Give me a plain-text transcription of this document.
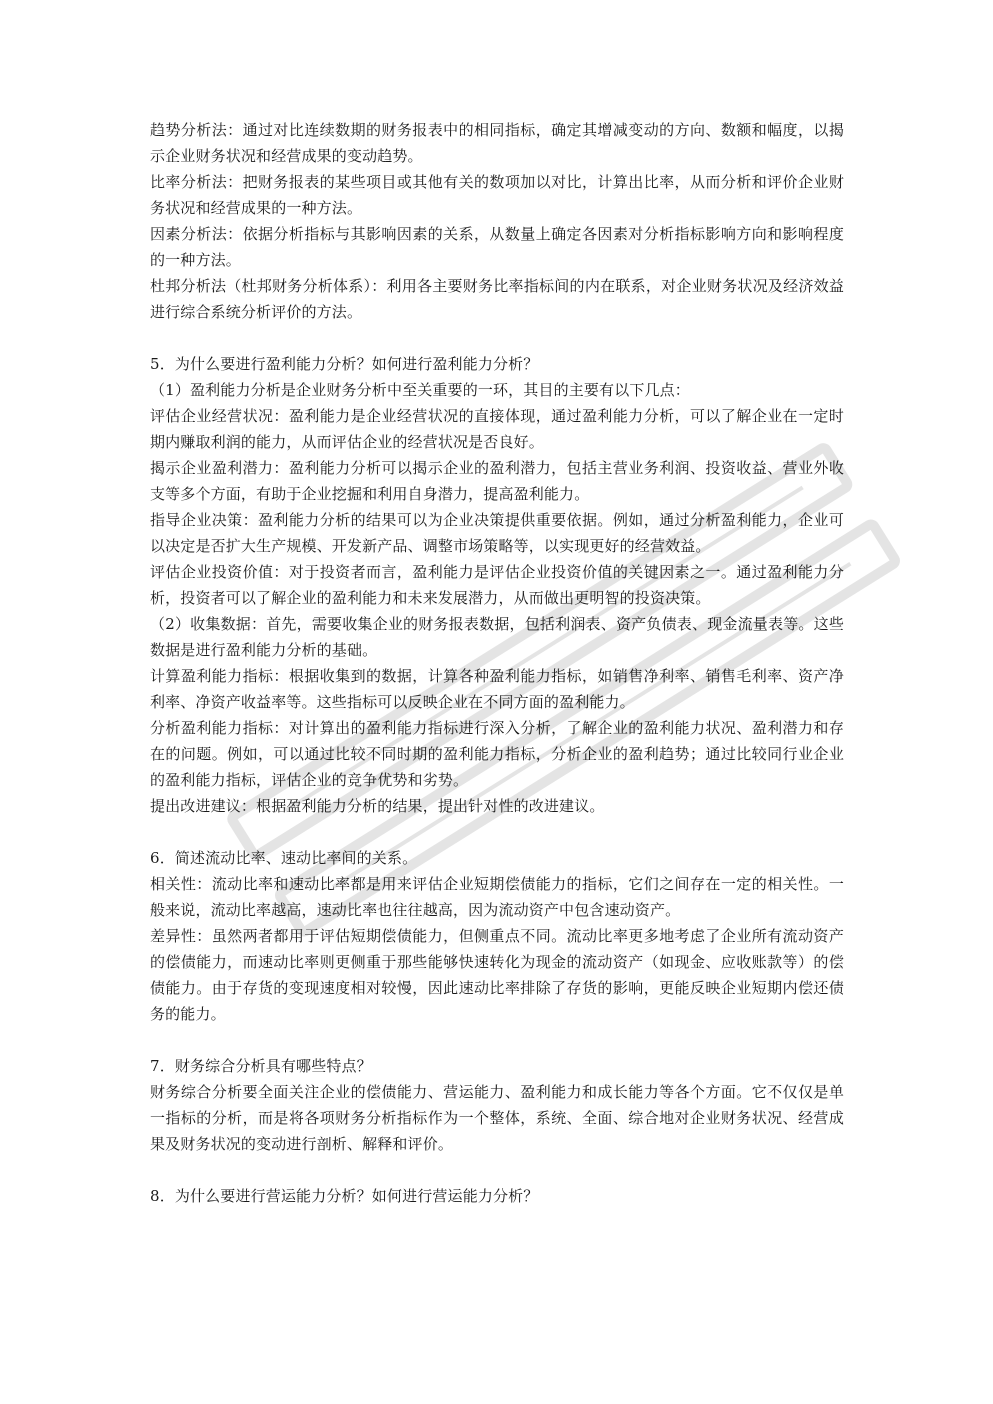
趋势分析法：通过对比连续数期的财务报表中的相同指标，确定其增减变动的方向、数额和幅度，以揭示企业财务状况和经营成果的变动趋势。

比率分析法：把财务报表的某些项目或其他有关的数项加以对比，计算出比率，从而分析和评价企业财务状况和经营成果的一种方法。

因素分析法：依据分析指标与其影响因素的关系，从数量上确定各因素对分析指标影响方向和影响程度的一种方法。

杜邦分析法（杜邦财务分析体系）：利用各主要财务比率指标间的内在联系，对企业财务状况及经济效益进行综合系统分析评价的方法。

5．为什么要进行盈利能力分析？如何进行盈利能力分析？

（1）盈利能力分析是企业财务分析中至关重要的一环，其目的主要有以下几点：

评估企业经营状况：盈利能力是企业经营状况的直接体现，通过盈利能力分析，可以了解企业在一定时期内赚取利润的能力，从而评估企业的经营状况是否良好。

揭示企业盈利潜力：盈利能力分析可以揭示企业的盈利潜力，包括主营业务利润、投资收益、营业外收支等多个方面，有助于企业挖掘和利用自身潜力，提高盈利能力。

指导企业决策：盈利能力分析的结果可以为企业决策提供重要依据。例如，通过分析盈利能力，企业可以决定是否扩大生产规模、开发新产品、调整市场策略等，以实现更好的经营效益。

评估企业投资价值：对于投资者而言，盈利能力是评估企业投资价值的关键因素之一。通过盈利能力分析，投资者可以了解企业的盈利能力和未来发展潜力，从而做出更明智的投资决策。

（2）收集数据：首先，需要收集企业的财务报表数据，包括利润表、资产负债表、现金流量表等。这些数据是进行盈利能力分析的基础。

计算盈利能力指标：根据收集到的数据，计算各种盈利能力指标，如销售净利率、销售毛利率、资产净利率、净资产收益率等。这些指标可以反映企业在不同方面的盈利能力。

分析盈利能力指标：对计算出的盈利能力指标进行深入分析，了解企业的盈利能力状况、盈利潜力和存在的问题。例如，可以通过比较不同时期的盈利能力指标，分析企业的盈利趋势；通过比较同行业企业的盈利能力指标，评估企业的竞争优势和劣势。

提出改进建议：根据盈利能力分析的结果，提出针对性的改进建议。

6．简述流动比率、速动比率间的关系。

相关性：流动比率和速动比率都是用来评估企业短期偿债能力的指标，它们之间存在一定的相关性。一般来说，流动比率越高，速动比率也往往越高，因为流动资产中包含速动资产。

差异性：虽然两者都用于评估短期偿债能力，但侧重点不同。流动比率更多地考虑了企业所有流动资产的偿债能力，而速动比率则更侧重于那些能够快速转化为现金的流动资产（如现金、应收账款等）的偿债能力。由于存货的变现速度相对较慢，因此速动比率排除了存货的影响，更能反映企业短期内偿还债务的能力。

7．财务综合分析具有哪些特点？

财务综合分析要全面关注企业的偿债能力、营运能力、盈利能力和成长能力等各个方面。它不仅仅是单一指标的分析，而是将各项财务分析指标作为一个整体，系统、全面、综合地对企业财务状况、经营成果及财务状况的变动进行剖析、解释和评价。

8．为什么要进行营运能力分析？如何进行营运能力分析？
